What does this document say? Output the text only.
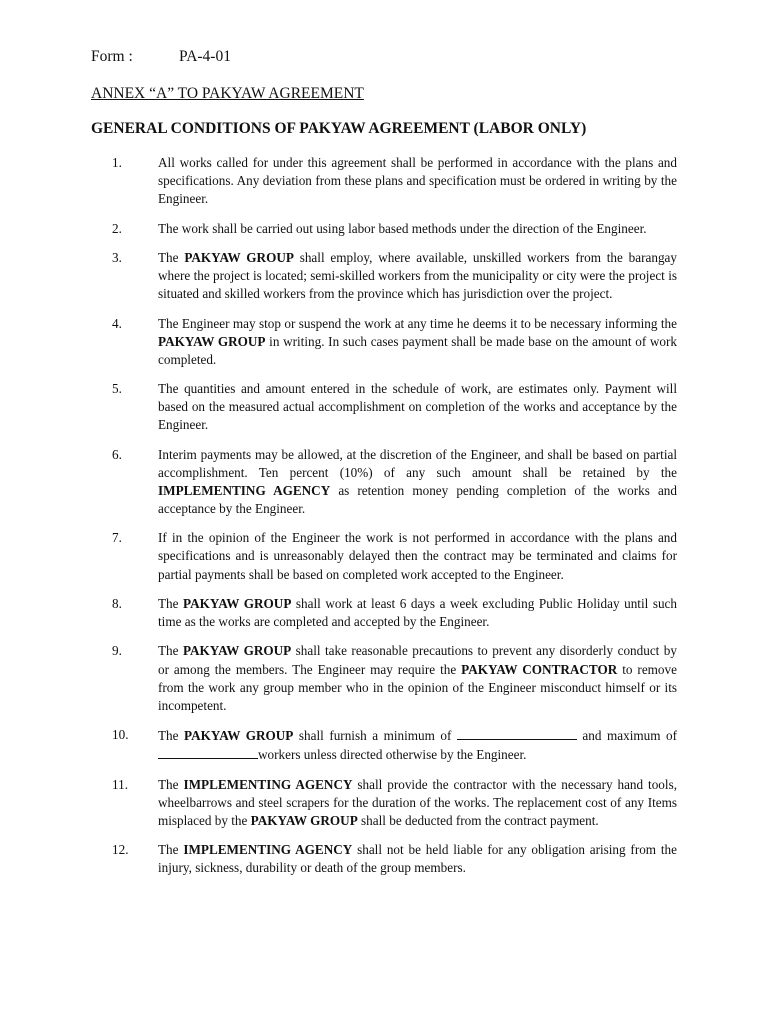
Form :	PA-4-01
ANNEX “A” TO PAKYAW AGREEMENT
GENERAL CONDITIONS OF PAKYAW AGREEMENT (LABOR ONLY)
1.	All works called for under this agreement shall be performed in accordance with the plans and specifications. Any deviation from these plans and specification must be ordered in writing by the Engineer.
2.	The work shall be carried out using labor based methods under the direction of the Engineer.
3.	The PAKYAW GROUP shall employ, where available, unskilled workers from the barangay where the project is located; semi-skilled workers from the municipality or city were the project is situated and skilled workers from the province which has jurisdiction over the project.
4.	The Engineer may stop or suspend the work at any time he deems it to be necessary informing the PAKYAW GROUP in writing. In such cases payment shall be made base on the amount of work completed.
5.	The quantities and amount entered in the schedule of work, are estimates only. Payment will based on the measured actual accomplishment on completion of the works and acceptance by the Engineer.
6.	Interim payments may be allowed, at the discretion of the Engineer, and shall be based on partial accomplishment. Ten percent (10%) of any such amount shall be retained by the IMPLEMENTING AGENCY as retention money pending completion of the works and acceptance by the Engineer.
7.	If in the opinion of the Engineer the work is not performed in accordance with the plans and specifications and is unreasonably delayed then the contract may be terminated and claims for partial payments shall be based on completed work accepted to the Engineer.
8.	The PAKYAW GROUP shall work at least 6 days a week excluding Public Holiday until such time as the works are completed and accepted by the Engineer.
9.	The PAKYAW GROUP shall take reasonable precautions to prevent any disorderly conduct by or among the members. The Engineer may require the PAKYAW CONTRACTOR to remove from the work any group member who in the opinion of the Engineer misconduct himself or its incompetent.
10. The PAKYAW GROUP shall furnish a minimum of	and maximum of workers unless directed otherwise by the Engineer.
11. The IMPLEMENTING AGENCY shall provide the contractor with the necessary hand tools, wheelbarrows and steel scrapers for the duration of the works. The replacement cost of any Items misplaced by the PAKYAW GROUP shall be deducted from the contract payment.
12. The IMPLEMENTING AGENCY shall not be held liable for any obligation arising from the injury, sickness, durability or death of the group members.
